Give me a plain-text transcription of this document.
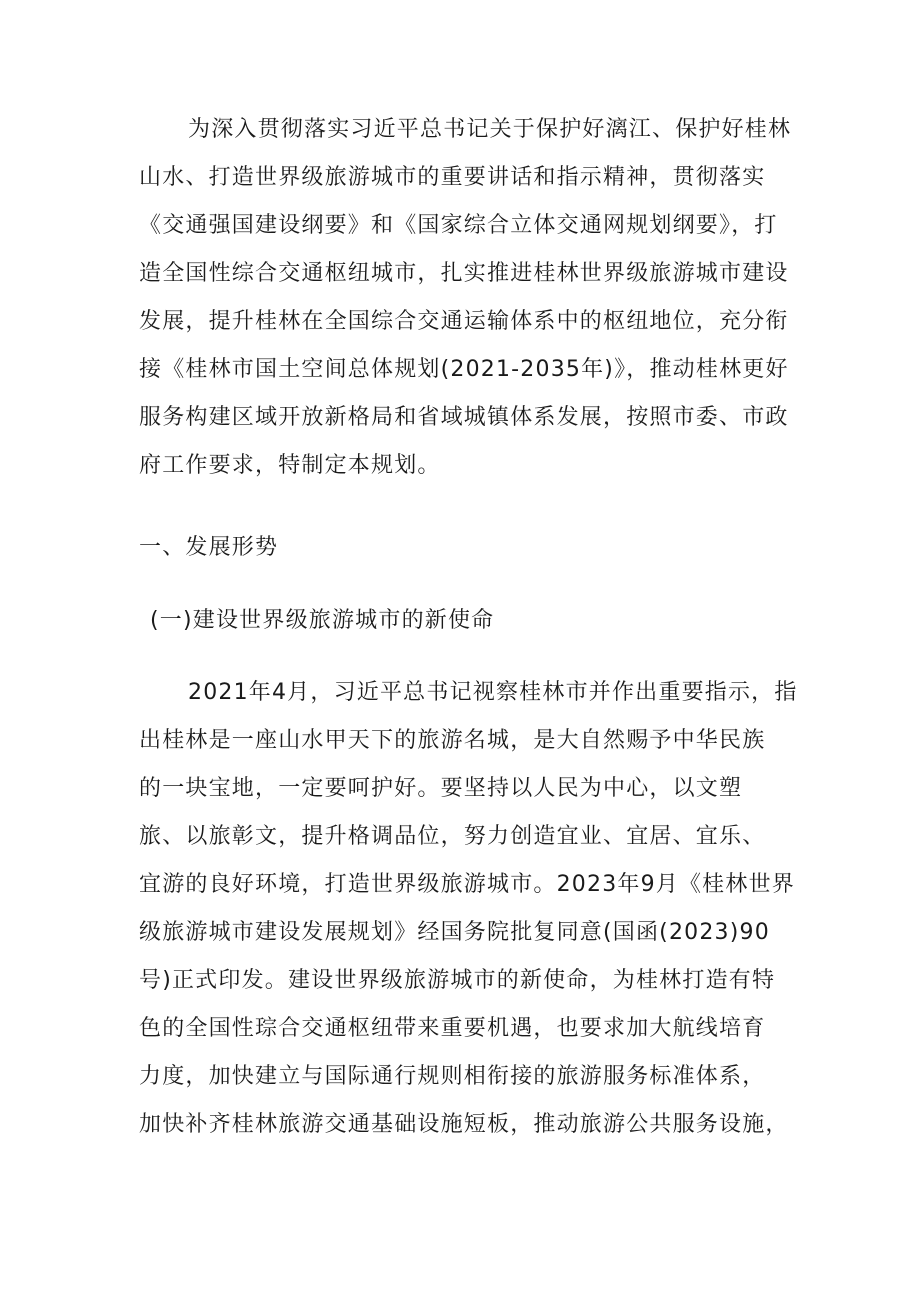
为深入贯彻落实习近平总书记关于保护好漓江、保护好桂林
山水、打造世界级旅游城市的重要讲话和指示精神，贯彻落实
《交通强国建设纲要》和《国家综合立体交通网规划纲要》，打
造全国性综合交通枢纽城市，扎实推进桂林世界级旅游城市建设
发展，提升桂林在全国综合交通运输体系中的枢纽地位，充分衔
接《桂林市国土空间总体规划(2021-2035年)》，推动桂林更好
服务构建区域开放新格局和省域城镇体系发展，按照市委、市政
府工作要求，特制定本规划。
一、发展形势
(一)建设世界级旅游城市的新使命
2021年4月，习近平总书记视察桂林市并作出重要指示，指
出桂林是一座山水甲天下的旅游名城，是大自然赐予中华民族
的一块宝地，一定要呵护好。要坚持以人民为中心，以文塑
旅、以旅彰文，提升格调品位，努力创造宜业、宜居、宜乐、
宜游的良好环境，打造世界级旅游城市。2023年9月《桂林世界
级旅游城市建设发展规划》经国务院批复同意(国函(2023)90
号)正式印发。建设世界级旅游城市的新使命，为桂林打造有特
色的全国性琮合交通枢纽带来重要机遇，也要求加大航线培育
力度，加快建立与国际通行规则相衔接的旅游服务标准体系，
加快补齐桂林旅游交通基础设施短板，推动旅游公共服务设施，
